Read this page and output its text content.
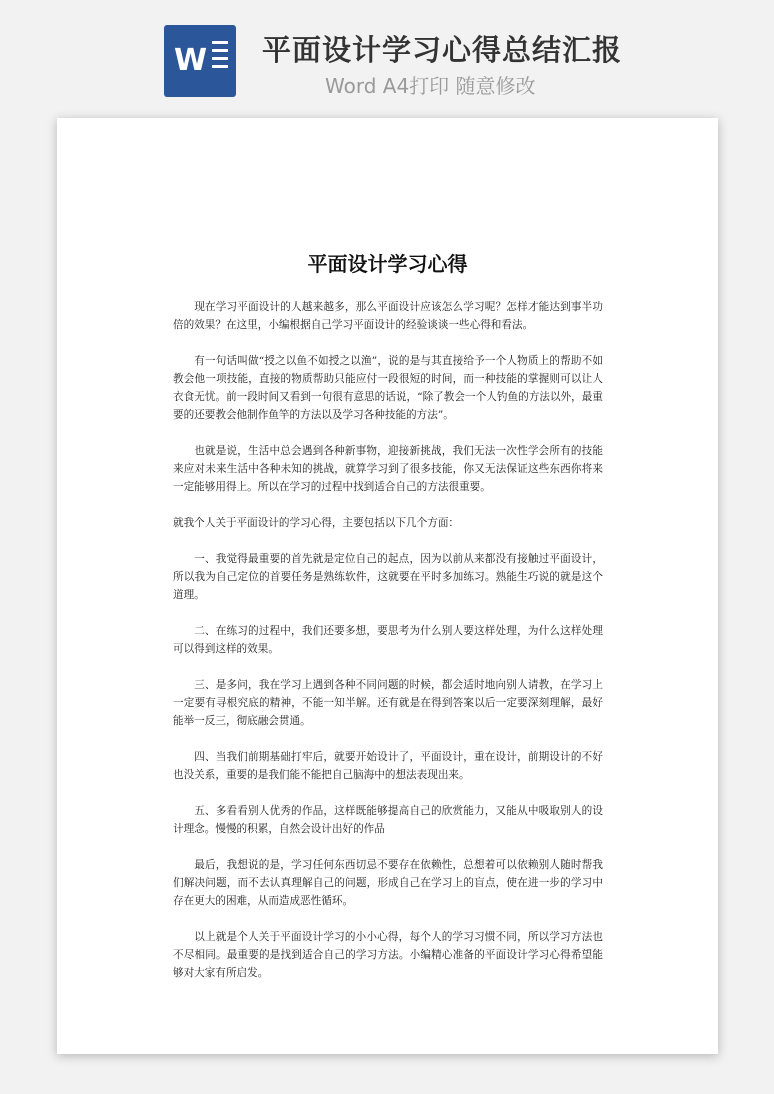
W 平面设计学习心得总结汇报
Word A4打印 随意修改
平面设计学习心得

现在学习平面设计的人越来越多，那么平面设计应该怎么学习呢？怎样才能达到事半功倍的效果？在这里，小编根据自己学习平面设计的经验谈谈一些心得和看法。

有一句话叫做“授之以鱼不如授之以渔”，说的是与其直接给予一个人物质上的帮助不如教会他一项技能，直接的物质帮助只能应付一段很短的时间，而一种技能的掌握则可以让人衣食无忧。前一段时间又看到一句很有意思的话说，“除了教会一个人钓鱼的方法以外，最重要的还要教会他制作鱼竿的方法以及学习各种技能的方法”。

也就是说，生活中总会遇到各种新事物，迎接新挑战，我们无法一次性学会所有的技能来应对未来生活中各种未知的挑战，就算学习到了很多技能，你又无法保证这些东西你将来一定能够用得上。所以在学习的过程中找到适合自己的方法很重要。

就我个人关于平面设计的学习心得，主要包括以下几个方面：

一、我觉得最重要的首先就是定位自己的起点，因为以前从来都没有接触过平面设计，所以我为自己定位的首要任务是熟练软件，这就要在平时多加练习。熟能生巧说的就是这个道理。

二、在练习的过程中，我们还要多想，要思考为什么别人要这样处理，为什么这样处理可以得到这样的效果。

三、是多问，我在学习上遇到各种不同问题的时候，都会适时地向别人请教，在学习上一定要有寻根究底的精神，不能一知半解。还有就是在得到答案以后一定要深刻理解，最好能举一反三，彻底融会贯通。

四、当我们前期基础打牢后，就要开始设计了，平面设计，重在设计，前期设计的不好也没关系，重要的是我们能不能把自己脑海中的想法表现出来。

五、多看看别人优秀的作品，这样既能够提高自己的欣赏能力，又能从中吸取别人的设计理念。慢慢的积累，自然会设计出好的作品

最后，我想说的是，学习任何东西切忌不要存在依赖性，总想着可以依赖别人随时帮我们解决问题，而不去认真理解自己的问题，形成自己在学习上的盲点，使在进一步的学习中存在更大的困难，从而造成恶性循环。

以上就是个人关于平面设计学习的小小心得，每个人的学习习惯不同，所以学习方法也不尽相同。最重要的是找到适合自己的学习方法。小编精心准备的平面设计学习心得希望能够对大家有所启发。
